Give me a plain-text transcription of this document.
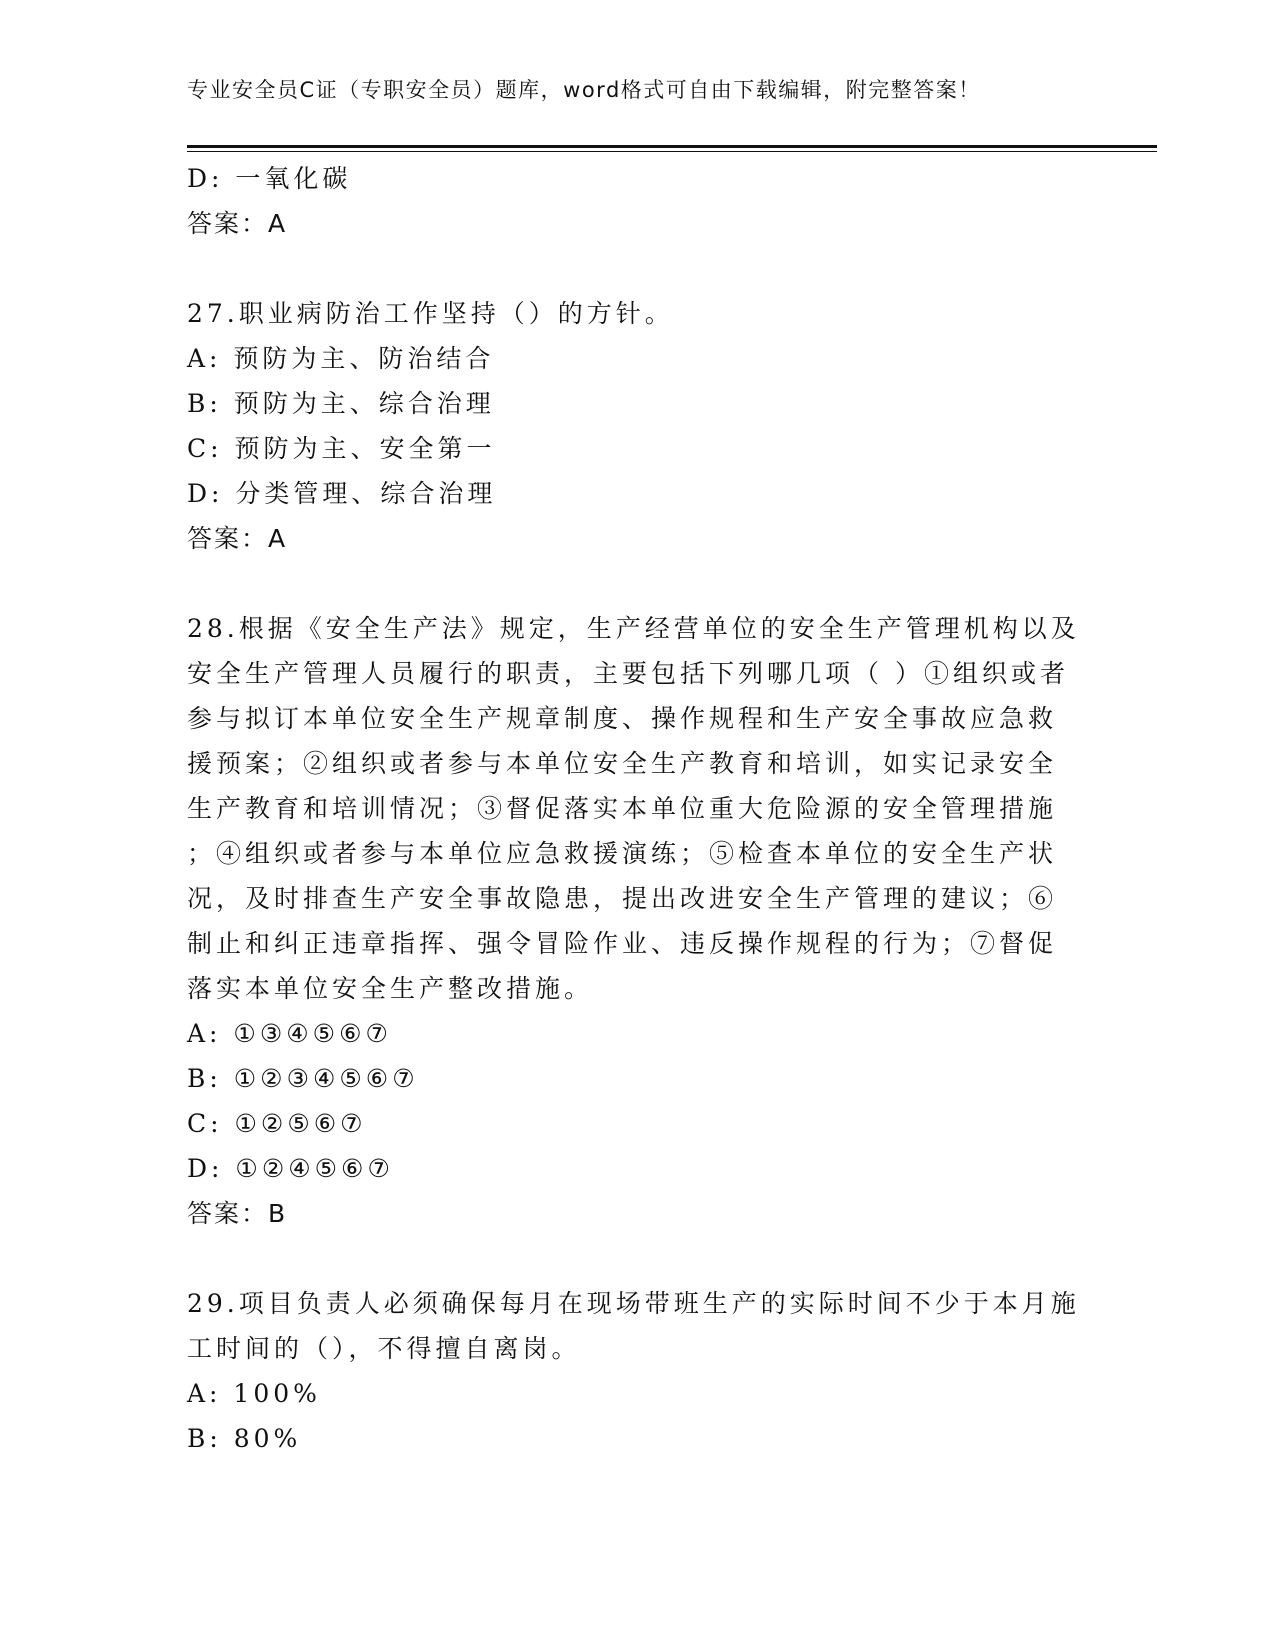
专业安全员C证（专职安全员）题库，word格式可自由下载编辑，附完整答案！
D: 一氧化碳
答案：A
27.职业病防治工作坚持（）的方针。
A: 预防为主、防治结合
B: 预防为主、综合治理
C: 预防为主、安全第一
D: 分类管理、综合治理
答案：A
28.根据《安全生产法》规定，生产经营单位的安全生产管理机构以及
安全生产管理人员履行的职责，主要包括下列哪几项（ ）①组织或者
参与拟订本单位安全生产规章制度、操作规程和生产安全事故应急救
援预案；②组织或者参与本单位安全生产教育和培训，如实记录安全
生产教育和培训情况；③督促落实本单位重大危险源的安全管理措施
；④组织或者参与本单位应急救援演练；⑤检查本单位的安全生产状
况，及时排查生产安全事故隐患，提出改进安全生产管理的建议；⑥
制止和纠正违章指挥、强令冒险作业、违反操作规程的行为；⑦督促
落实本单位安全生产整改措施。
A: ①③④⑤⑥⑦
B: ①②③④⑤⑥⑦
C: ①②⑤⑥⑦
D: ①②④⑤⑥⑦
答案：B
29.项目负责人必须确保每月在现场带班生产的实际时间不少于本月施
工时间的（），不得擅自离岗。
A: 100%
B: 80%
